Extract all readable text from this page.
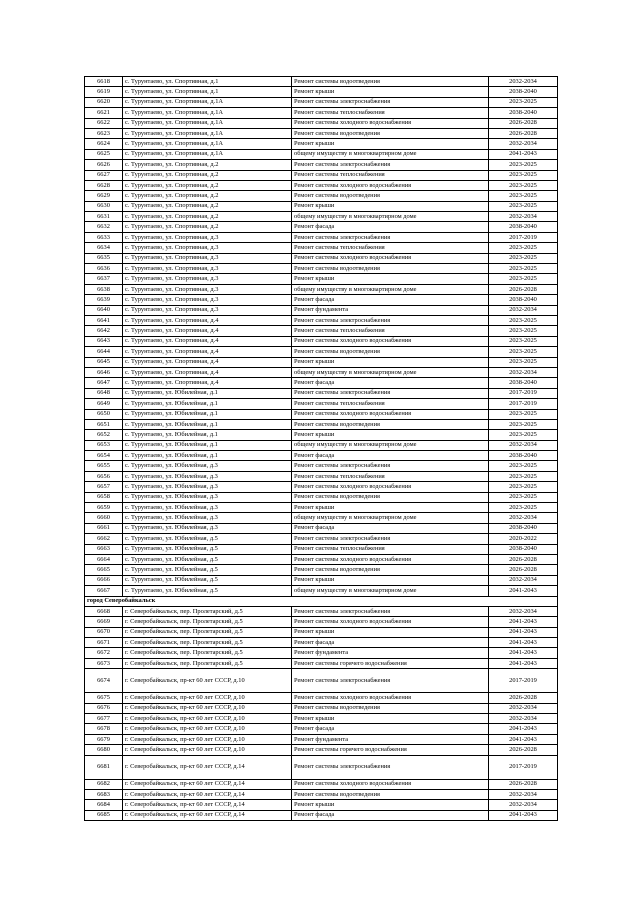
6618	с. Турунтаево, ул. Спортивная, д.1	Ремонт системы водоотведения	2032-2034
6619	с. Турунтаево, ул. Спортивная, д.1	Ремонт крыши	2038-2040
6620	с. Турунтаево, ул. Спортивная, д.1А	Ремонт системы электроснабжения	2023-2025
6621	с. Турунтаево, ул. Спортивная, д.1А	Ремонт системы теплоснабжения	2038-2040
6622	с. Турунтаево, ул. Спортивная, д.1А	Ремонт системы холодного водоснабжения	2026-2028
6623	с. Турунтаево, ул. Спортивная, д.1А	Ремонт системы водоотведения	2026-2028
6624	с. Турунтаево, ул. Спортивная, д.1А	Ремонт крыши	2032-2034
6625	с. Турунтаево, ул. Спортивная, д.1А	общему имуществу в многоквартирном доме	2041-2043
6626	с. Турунтаево, ул. Спортивная, д.2	Ремонт системы электроснабжения	2023-2025
6627	с. Турунтаево, ул. Спортивная, д.2	Ремонт системы теплоснабжения	2023-2025
6628	с. Турунтаево, ул. Спортивная, д.2	Ремонт системы холодного водоснабжения	2023-2025
6629	с. Турунтаево, ул. Спортивная, д.2	Ремонт системы водоотведения	2023-2025
6630	с. Турунтаево, ул. Спортивная, д.2	Ремонт крыши	2023-2025
6631	с. Турунтаево, ул. Спортивная, д.2	общему имуществу в многоквартирном доме	2032-2034
6632	с. Турунтаево, ул. Спортивная, д.2	Ремонт фасада	2038-2040
6633	с. Турунтаево, ул. Спортивная, д.3	Ремонт системы электроснабжения	2017-2019
6634	с. Турунтаево, ул. Спортивная, д.3	Ремонт системы теплоснабжения	2023-2025
6635	с. Турунтаево, ул. Спортивная, д.3	Ремонт системы холодного водоснабжения	2023-2025
6636	с. Турунтаево, ул. Спортивная, д.3	Ремонт системы водоотведения	2023-2025
6637	с. Турунтаево, ул. Спортивная, д.3	Ремонт крыши	2023-2025
6638	с. Турунтаево, ул. Спортивная, д.3	общему имуществу в многоквартирном доме	2026-2028
6639	с. Турунтаево, ул. Спортивная, д.3	Ремонт фасада	2038-2040
6640	с. Турунтаево, ул. Спортивная, д.3	Ремонт фундамента	2032-2034
6641	с. Турунтаево, ул. Спортивная, д.4	Ремонт системы электроснабжения	2023-2025
6642	с. Турунтаево, ул. Спортивная, д.4	Ремонт системы теплоснабжения	2023-2025
6643	с. Турунтаево, ул. Спортивная, д.4	Ремонт системы холодного водоснабжения	2023-2025
6644	с. Турунтаево, ул. Спортивная, д.4	Ремонт системы водоотведения	2023-2025
6645	с. Турунтаево, ул. Спортивная, д.4	Ремонт крыши	2023-2025
6646	с. Турунтаево, ул. Спортивная, д.4	общему имуществу в многоквартирном доме	2032-2034
6647	с. Турунтаево, ул. Спортивная, д.4	Ремонт фасада	2038-2040
6648	с. Турунтаево, ул. Юбилейная, д.1	Ремонт системы электроснабжения	2017-2019
6649	с. Турунтаево, ул. Юбилейная, д.1	Ремонт системы теплоснабжения	2017-2019
6650	с. Турунтаево, ул. Юбилейная, д.1	Ремонт системы холодного водоснабжения	2023-2025
6651	с. Турунтаево, ул. Юбилейная, д.1	Ремонт системы водоотведения	2023-2025
6652	с. Турунтаево, ул. Юбилейная, д.1	Ремонт крыши	2023-2025
6653	с. Турунтаево, ул. Юбилейная, д.1	общему имуществу в многоквартирном доме	2032-2034
6654	с. Турунтаево, ул. Юбилейная, д.1	Ремонт фасада	2038-2040
6655	с. Турунтаево, ул. Юбилейная, д.3	Ремонт системы электроснабжения	2023-2025
6656	с. Турунтаево, ул. Юбилейная, д.3	Ремонт системы теплоснабжения	2023-2025
6657	с. Турунтаево, ул. Юбилейная, д.3	Ремонт системы холодного водоснабжения	2023-2025
6658	с. Турунтаево, ул. Юбилейная, д.3	Ремонт системы водоотведения	2023-2025
6659	с. Турунтаево, ул. Юбилейная, д.3	Ремонт крыши	2023-2025
6660	с. Турунтаево, ул. Юбилейная, д.3	общему имуществу в многоквартирном доме	2032-2034
6661	с. Турунтаево, ул. Юбилейная, д.3	Ремонт фасада	2038-2040
6662	с. Турунтаево, ул. Юбилейная, д.5	Ремонт системы электроснабжения	2020-2022
6663	с. Турунтаево, ул. Юбилейная, д.5	Ремонт системы теплоснабжения	2038-2040
6664	с. Турунтаево, ул. Юбилейная, д.5	Ремонт системы холодного водоснабжения	2026-2028
6665	с. Турунтаево, ул. Юбилейная, д.5	Ремонт системы водоотведения	2026-2028
6666	с. Турунтаево, ул. Юбилейная, д.5	Ремонт крыши	2032-2034
6667	с. Турунтаево, ул. Юбилейная, д.5	общему имуществу в многоквартирном доме	2041-2043
город Северобайкальск			
6668	г. Северобайкальск, пер. Пролетарский, д.5	Ремонт системы электроснабжения	2032-2034
6669	г. Северобайкальск, пер. Пролетарский, д.5	Ремонт системы холодного водоснабжения	2041-2043
6670	г. Северобайкальск, пер. Пролетарский, д.5	Ремонт крыши	2041-2043
6671	г. Северобайкальск, пер. Пролетарский, д.5	Ремонт фасада	2041-2043
6672	г. Северобайкальск, пер. Пролетарский, д.5	Ремонт фундамента	2041-2043
6673	г. Северобайкальск, пер. Пролетарский, д.5	Ремонт системы горячего водоснабжения	2041-2043
6674	г. Северобайкальск, пр-кт 60 лет СССР, д.10	Ремонт системы электроснабжения	2017-2019
6675	г. Северобайкальск, пр-кт 60 лет СССР, д.10	Ремонт системы холодного водоснабжения	2026-2028
6676	г. Северобайкальск, пр-кт 60 лет СССР, д.10	Ремонт системы водоотведения	2032-2034
6677	г. Северобайкальск, пр-кт 60 лет СССР, д.10	Ремонт крыши	2032-2034
6678	г. Северобайкальск, пр-кт 60 лет СССР, д.10	Ремонт фасада	2041-2043
6679	г. Северобайкальск, пр-кт 60 лет СССР, д.10	Ремонт фундамента	2041-2043
6680	г. Северобайкальск, пр-кт 60 лет СССР, д.10	Ремонт системы горячего водоснабжения	2026-2028
6681	г. Северобайкальск, пр-кт 60 лет СССР, д.14	Ремонт системы электроснабжения	2017-2019
6682	г. Северобайкальск, пр-кт 60 лет СССР, д.14	Ремонт системы холодного водоснабжения	2026-2028
6683	г. Северобайкальск, пр-кт 60 лет СССР, д.14	Ремонт системы водоотведения	2032-2034
6684	г. Северобайкальск, пр-кт 60 лет СССР, д.14	Ремонт крыши	2032-2034
6685	г. Северобайкальск, пр-кт 60 лет СССР, д.14	Ремонт фасада	2041-2043
